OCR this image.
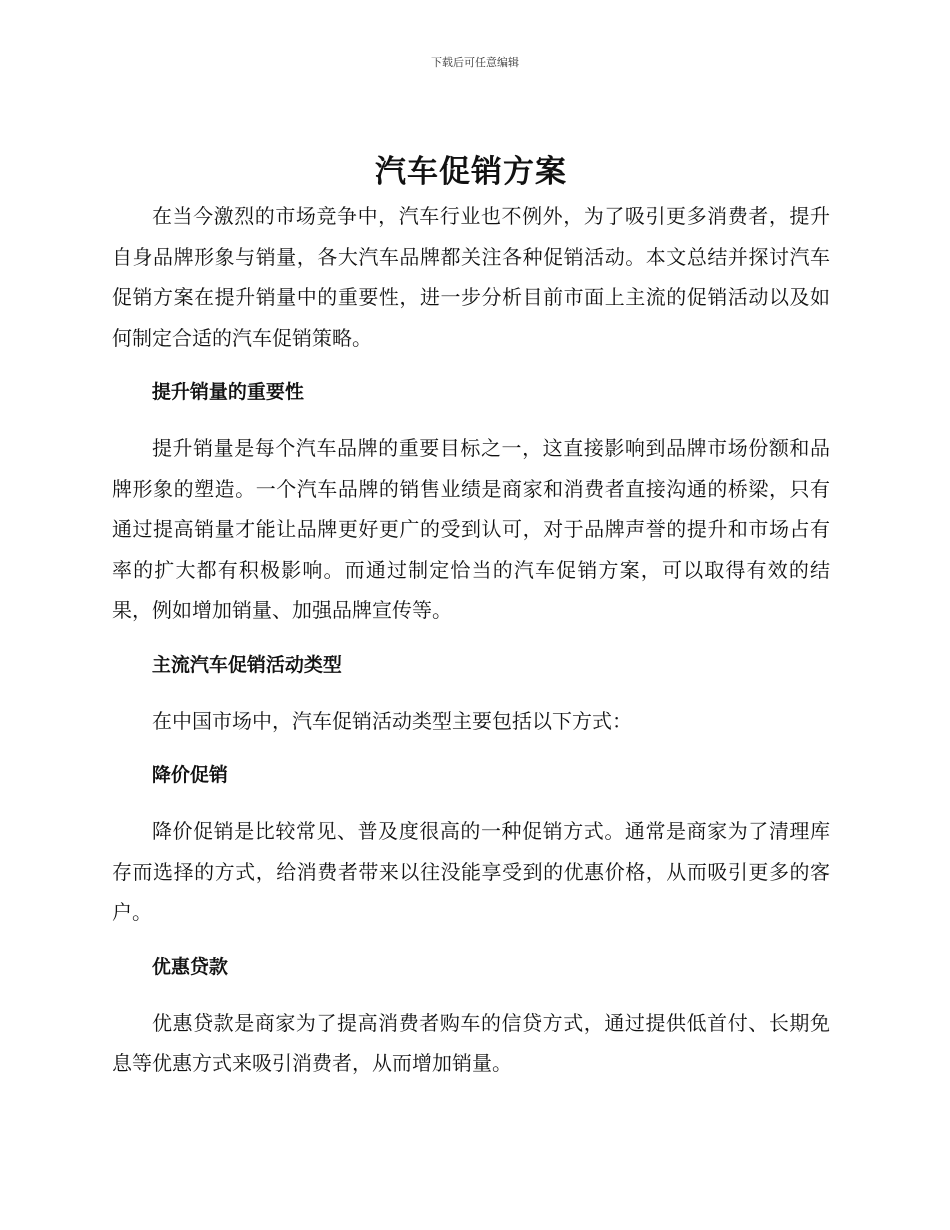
下载后可任意编辑
汽车促销方案

在当今激烈的市场竞争中，汽车行业也不例外，为了吸引更多消费者，提升自身品牌形象与销量，各大汽车品牌都关注各种促销活动。本文总结并探讨汽车促销方案在提升销量中的重要性，进一步分析目前市面上主流的促销活动以及如何制定合适的汽车促销策略。

提升销量的重要性

提升销量是每个汽车品牌的重要目标之一，这直接影响到品牌市场份额和品牌形象的塑造。一个汽车品牌的销售业绩是商家和消费者直接沟通的桥梁，只有通过提高销量才能让品牌更好更广的受到认可，对于品牌声誉的提升和市场占有率的扩大都有积极影响。而通过制定恰当的汽车促销方案，可以取得有效的结果，例如增加销量、加强品牌宣传等。

主流汽车促销活动类型

在中国市场中，汽车促销活动类型主要包括以下方式：

降价促销

降价促销是比较常见、普及度很高的一种促销方式。通常是商家为了清理库存而选择的方式，给消费者带来以往没能享受到的优惠价格，从而吸引更多的客户。

优惠贷款

优惠贷款是商家为了提高消费者购车的信贷方式，通过提供低首付、长期免息等优惠方式来吸引消费者，从而增加销量。
